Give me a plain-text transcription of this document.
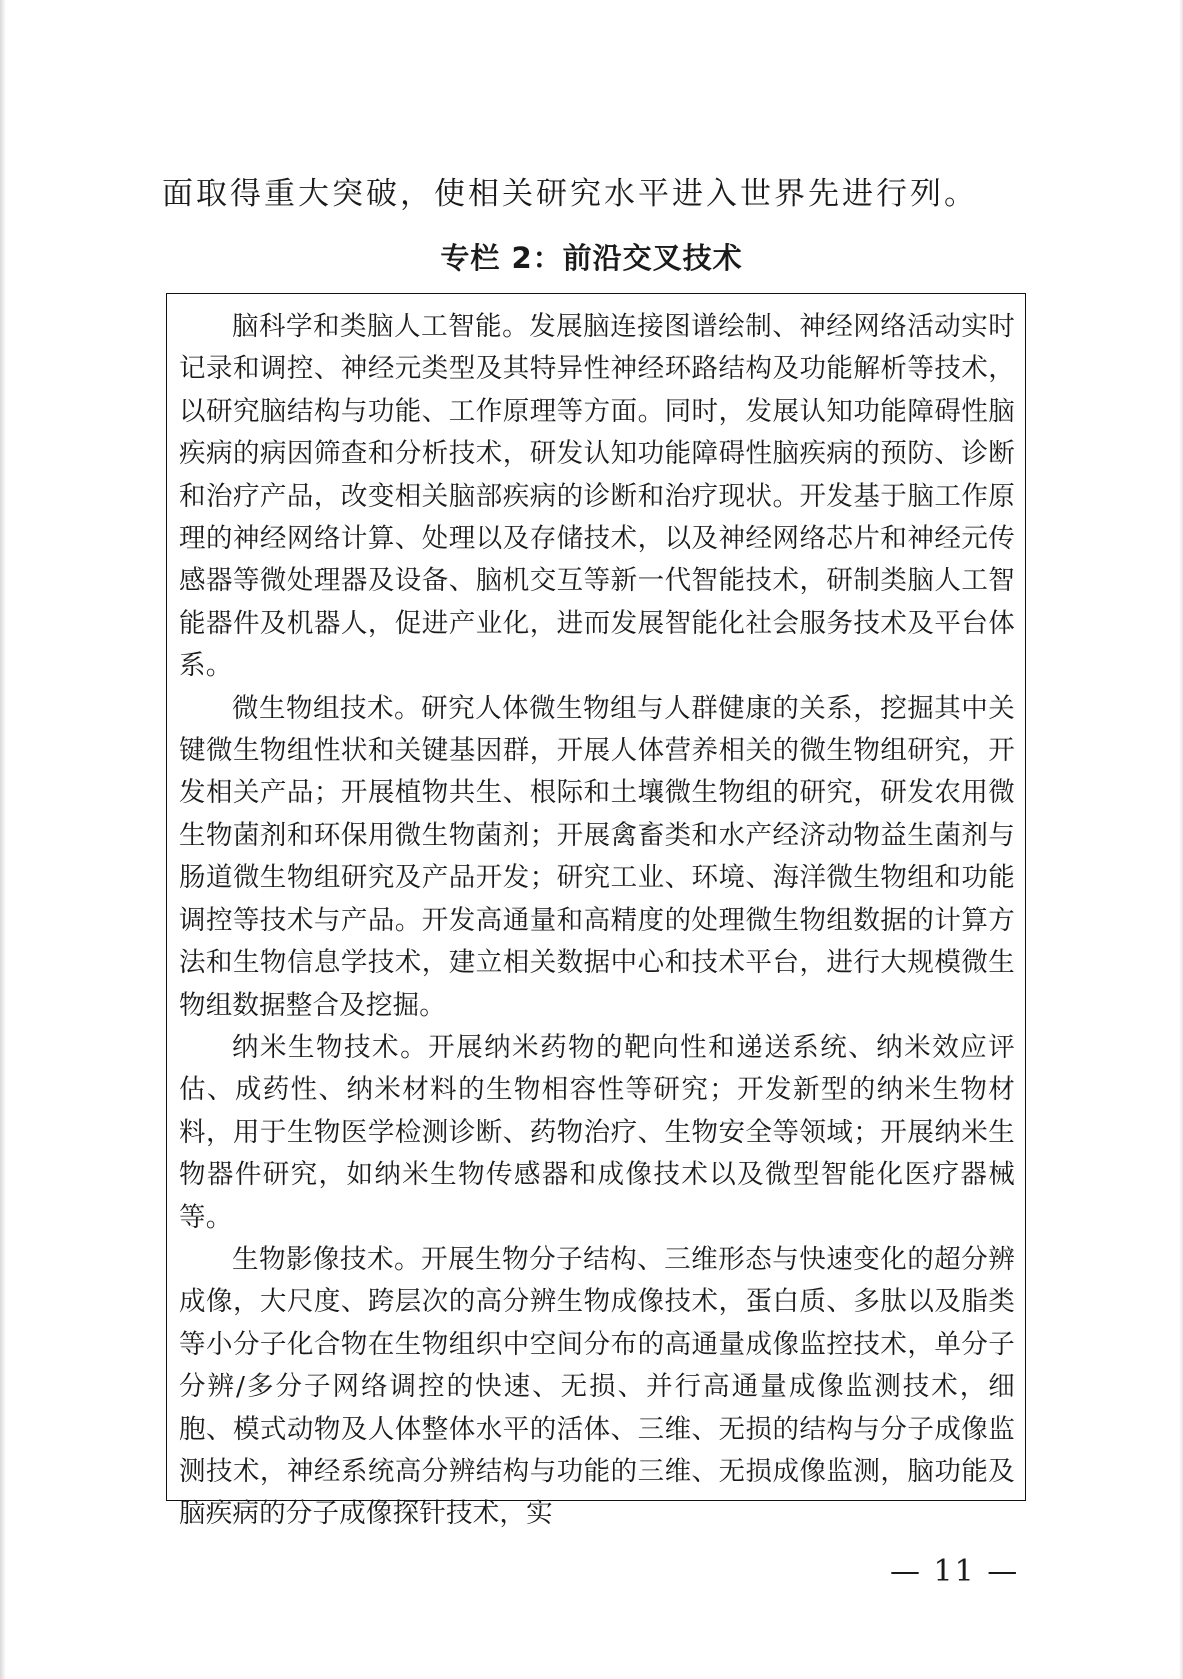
面取得重大突破，使相关研究水平进入世界先进行列。
专栏 2：前沿交叉技术

脑科学和类脑人工智能。发展脑连接图谱绘制、神经网络活动实时记录和调控、神经元类型及其特异性神经环路结构及功能解析等技术，以研究脑结构与功能、工作原理等方面。同时，发展认知功能障碍性脑疾病的病因筛查和分析技术，研发认知功能障碍性脑疾病的预防、诊断和治疗产品，改变相关脑部疾病的诊断和治疗现状。开发基于脑工作原理的神经网络计算、处理以及存储技术，以及神经网络芯片和神经元传感器等微处理器及设备、脑机交互等新一代智能技术，研制类脑人工智能器件及机器人，促进产业化，进而发展智能化社会服务技术及平台体系。

微生物组技术。研究人体微生物组与人群健康的关系，挖掘其中关键微生物组性状和关键基因群，开展人体营养相关的微生物组研究，开发相关产品；开展植物共生、根际和土壤微生物组的研究，研发农用微生物菌剂和环保用微生物菌剂；开展禽畜类和水产经济动物益生菌剂与肠道微生物组研究及产品开发；研究工业、环境、海洋微生物组和功能调控等技术与产品。开发高通量和高精度的处理微生物组数据的计算方法和生物信息学技术，建立相关数据中心和技术平台，进行大规模微生物组数据整合及挖掘。

纳米生物技术。开展纳米药物的靶向性和递送系统、纳米效应评估、成药性、纳米材料的生物相容性等研究；开发新型的纳米生物材料，用于生物医学检测诊断、药物治疗、生物安全等领域；开展纳米生物器件研究，如纳米生物传感器和成像技术以及微型智能化医疗器械等。

生物影像技术。开展生物分子结构、三维形态与快速变化的超分辨成像，大尺度、跨层次的高分辨生物成像技术，蛋白质、多肽以及脂类等小分子化合物在生物组织中空间分布的高通量成像监控技术，单分子分辨/多分子网络调控的快速、无损、并行高通量成像监测技术，细胞、模式动物及人体整体水平的活体、三维、无损的结构与分子成像监测技术，神经系统高分辨结构与功能的三维、无损成像监测，脑功能及脑疾病的分子成像探针技术，实

— 11 —
